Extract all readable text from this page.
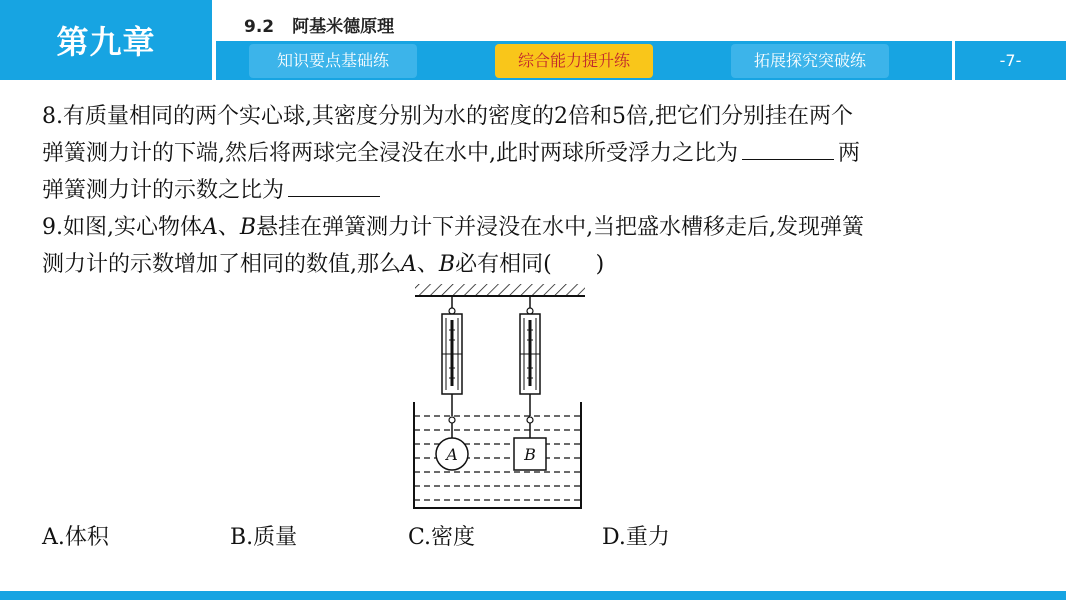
第九章	9.2 阿基米德原理
知识要点基础练	综合能力提升练	拓展探究突破练	-7-

8.有质量相同的两个实心球,其密度分别为水的密度的2倍和5倍,把它们分别挂在两个
弹簧测力计的下端,然后将两球完全浸没在水中,此时两球所受浮力之比为	两
弹簧测力计的示数之比为

9.如图,实心物体A、B悬挂在弹簧测力计下并浸没在水中,当把盛水槽移走后,发现弹簧
测力计的示数增加了相同的数值,那么A、B必有相同(　　)

A	B
A.体积	B.质量	C.密度	D.重力
